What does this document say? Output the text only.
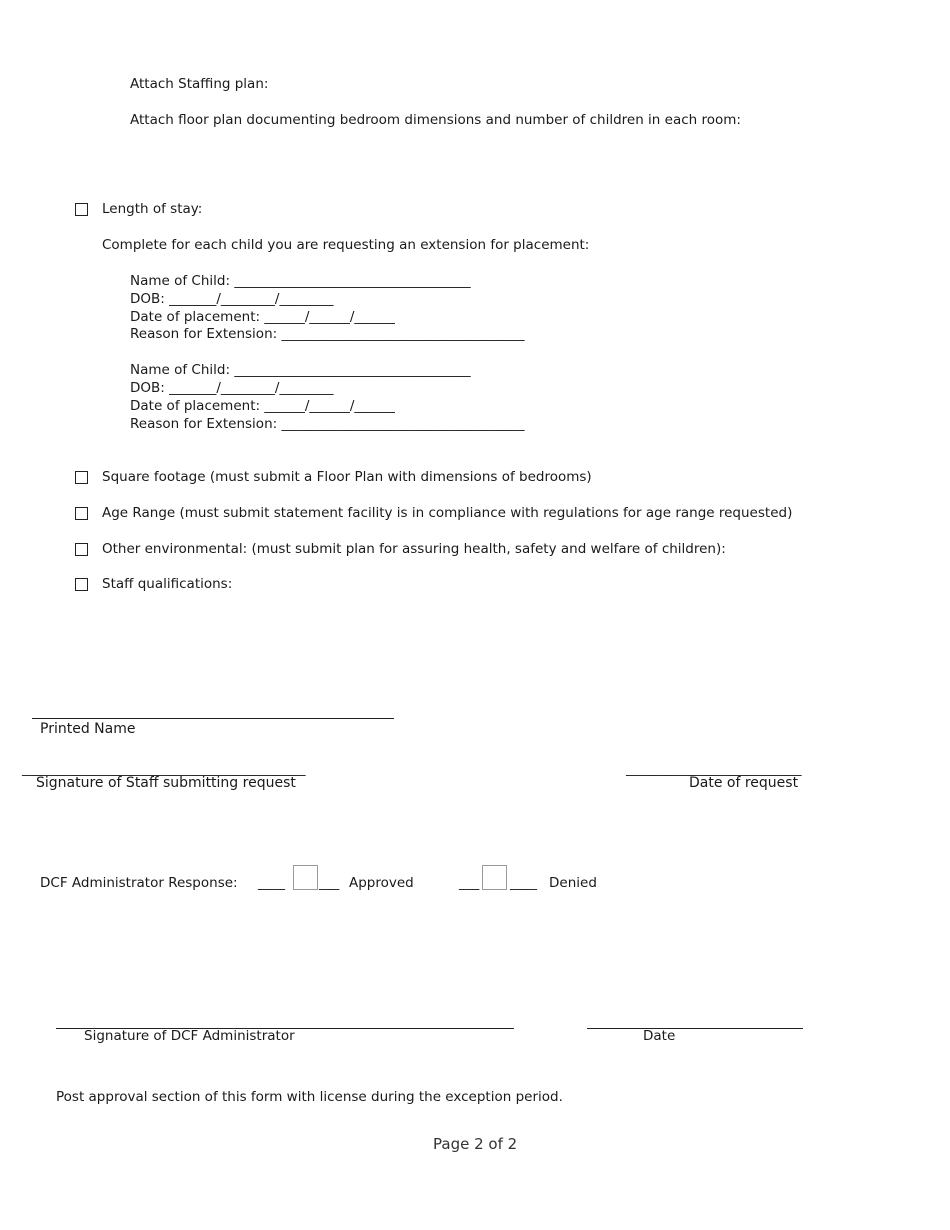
Attach Staffing plan:
Attach floor plan documenting bedroom dimensions and number of children in each room:
Length of stay:
Complete for each child you are requesting an extension for placement:
Name of Child: ___________________________________
DOB: _______/________/________
Date of placement: ______/______/______
Reason for Extension: ____________________________________
Name of Child: ___________________________________
DOB: _______/________/________
Date of placement: ______/______/______
Reason for Extension: ____________________________________
Square footage (must submit a Floor Plan with dimensions of bedrooms)
Age Range (must submit statement facility is in compliance with regulations for age range requested)
Other environmental: (must submit plan for assuring health, safety and welfare of children):
Staff qualifications:
Printed Name
__________________________________________
Signature of Staff submitting request
__________________________
Date of request
DCF Administrator Response: ____	___ Approved	___ ____ Denied
Signature of DCF Administrator	Date
Post approval section of this form with license during the exception period.
Page 2 of 2
